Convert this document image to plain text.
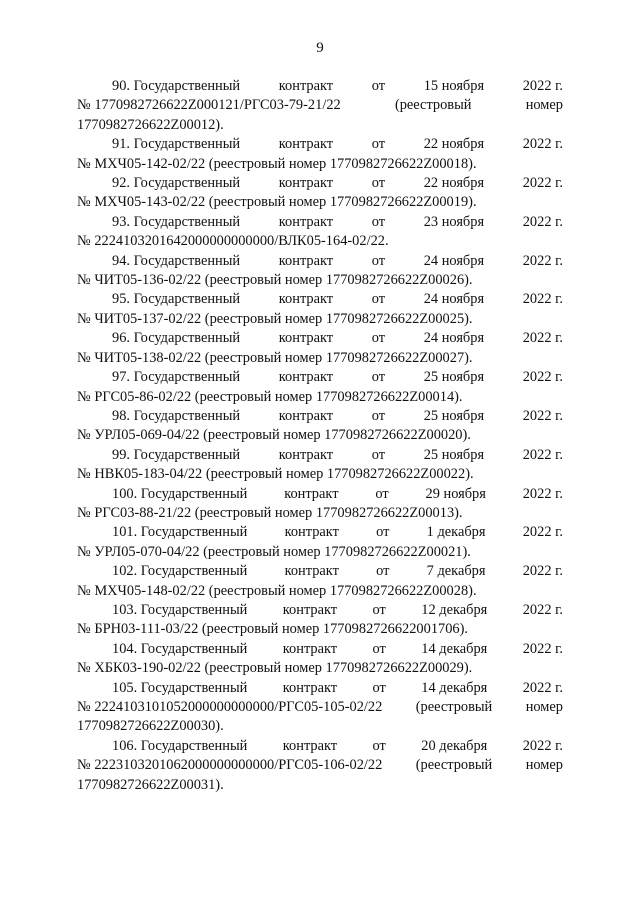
9
90. Государственный	контракт	от	15 ноября	2022 г.
№ 1770982726622Z000121/РГС03-79-21/22	(реестровый	номер
1770982726622Z00012).
91. Государственный	контракт	от	22 ноября	2022 г.
№ МХЧ05-142-02/22 (реестровый номер 1770982726622Z00018).
92. Государственный	контракт	от	22 ноября	2022 г.
№ МХЧ05-143-02/22 (реестровый номер 1770982726622Z00019).
93. Государственный	контракт	от	23 ноября	2022 г.
№ 2224103201642000000000000/ВЛК05-164-02/22.
94. Государственный	контракт	от	24 ноября	2022 г.
№ ЧИТ05-136-02/22 (реестровый номер 1770982726622Z00026).
95. Государственный	контракт	от	24 ноября	2022 г.
№ ЧИТ05-137-02/22 (реестровый номер 1770982726622Z00025).
96. Государственный	контракт	от	24 ноября	2022 г.
№ ЧИТ05-138-02/22 (реестровый номер 1770982726622Z00027).
97. Государственный	контракт	от	25 ноября	2022 г.
№ РГС05-86-02/22 (реестровый номер 1770982726622Z00014).
98. Государственный	контракт	от	25 ноября	2022 г.
№ УРЛ05-069-04/22 (реестровый номер 1770982726622Z00020).
99. Государственный	контракт	от	25 ноября	2022 г.
№ НВК05-183-04/22 (реестровый номер 1770982726622Z00022).
100. Государственный	контракт	от	29 ноября	2022 г.
№ РГС03-88-21/22 (реестровый номер 1770982726622Z00013).
101. Государственный	контракт	от	1 декабря	2022 г.
№ УРЛ05-070-04/22 (реестровый номер 1770982726622Z00021).
102. Государственный	контракт	от	7 декабря	2022 г.
№ МХЧ05-148-02/22 (реестровый номер 1770982726622Z00028).
103. Государственный контракт от 12 декабря 2022 г.
№ БРН03-111-03/22 (реестровый номер 1770982726622001706).
104. Государственный контракт от 14 декабря 2022 г.
№ ХБК03-190-02/22 (реестровый номер 1770982726622Z00029).
105. Государственный контракт от 14 декабря 2022 г.
№ 2224103101052000000000000/РГС05-105-02/22 (реестровый номер
1770982726622Z00030).
106. Государственный контракт от 20 декабря 2022 г.
№ 2223103201062000000000000/РГС05-106-02/22 (реестровый номер
1770982726622Z00031).
